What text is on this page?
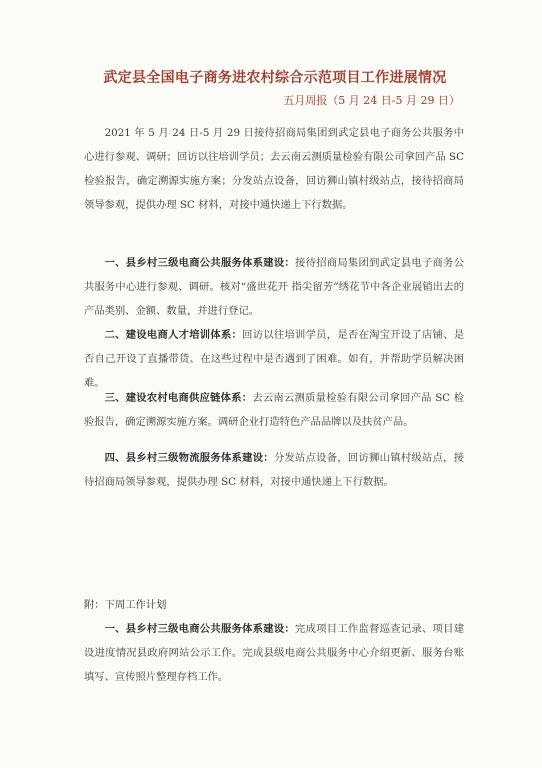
武定县全国电子商务进农村综合示范项目工作进展情况
五月周报（5 月 24 日-5 月 29 日）

2021 年 5 月 24 日-5 月 29 日接待招商局集团到武定县电子商务公共服务中心进行参观、调研；回访以往培训学员；去云南云测质量检验有限公司拿回产品 SC 检验报告，确定溯源实施方案；分发站点设备，回访狮山镇村级站点，接待招商局领导参观，提供办理 SC 材料，对接中通快递上下行数据。

一、县乡村三级电商公共服务体系建设：接待招商局集团到武定县电子商务公共服务中心进行参观、调研。核对“盛世花开 指尖留芳”绣花节中各企业展销出去的产品类别、金额、数量，并进行登记。

二、建设电商人才培训体系：回访以往培训学员，是否在淘宝开设了店铺、是否自己开设了直播带货、在这些过程中是否遇到了困难。如有，并帮助学员解决困难。

三、建设农村电商供应链体系：去云南云测质量检验有限公司拿回产品 SC 检验报告，确定溯源实施方案。调研企业打造特色产品品牌以及扶贫产品。

四、县乡村三级物流服务体系建设：分发站点设备，回访狮山镇村级站点，接待招商局领导参观，提供办理 SC 材料，对接中通快递上下行数据。

附：下周工作计划

一、县乡村三级电商公共服务体系建设：完成项目工作监督巡查记录、项目建设进度情况县政府网站公示工作。完成县级电商公共服务中心介绍更新、服务台账填写、宣传照片整理存档工作。
